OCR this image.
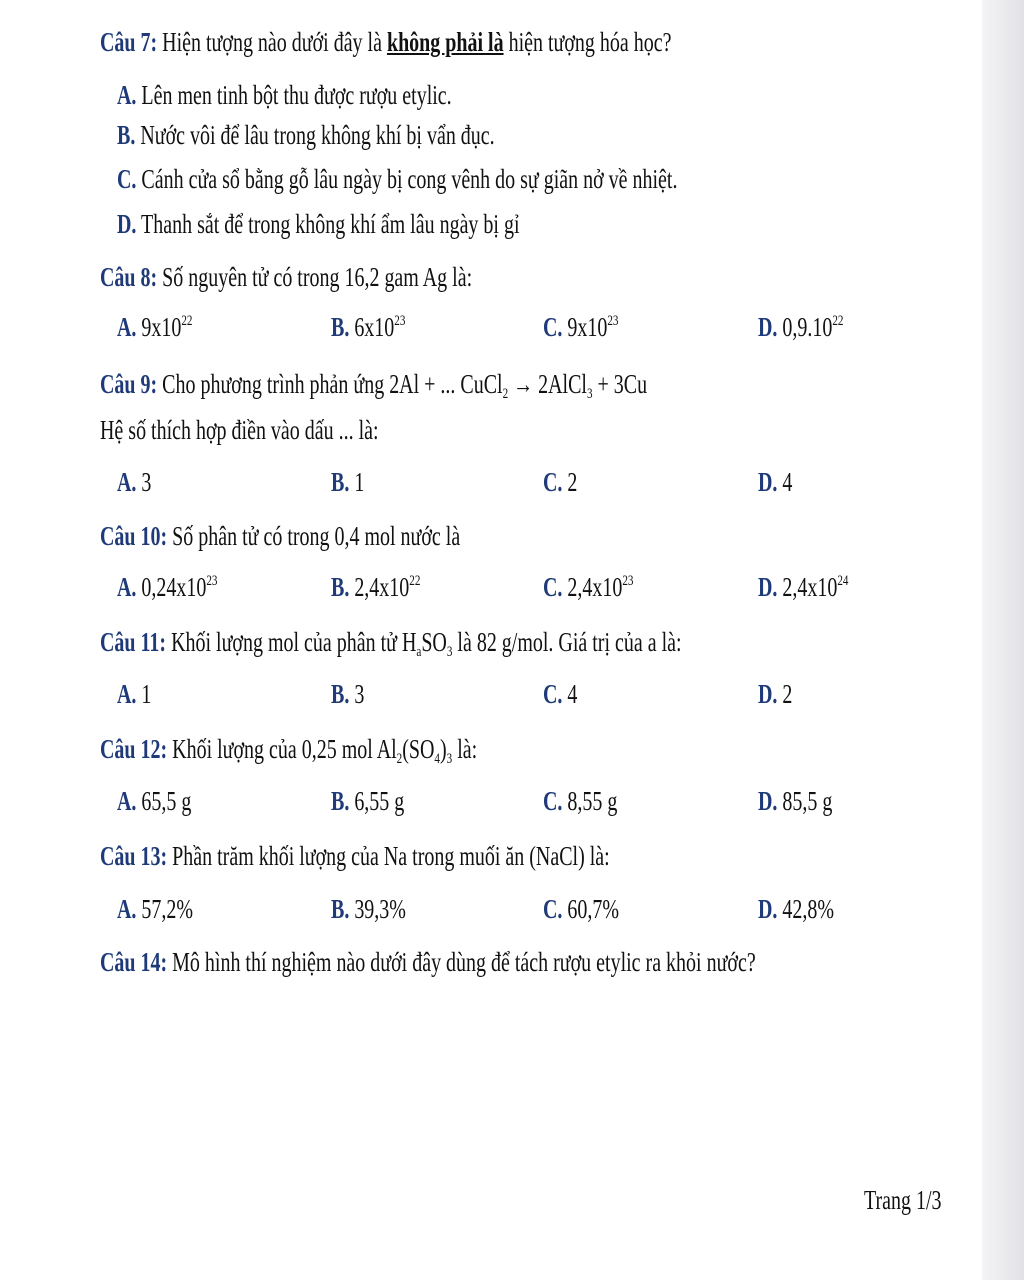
Câu 7: Hiện tượng nào dưới đây là không phải là hiện tượng hóa học?
A. Lên men tinh bột thu được rượu etylic.
B. Nước vôi để lâu trong không khí bị vẩn đục.
C. Cánh cửa sổ bằng gỗ lâu ngày bị cong vênh do sự giãn nở về nhiệt.
D. Thanh sắt để trong không khí ẩm lâu ngày bị gỉ
Câu 8: Số nguyên tử có trong 16,2 gam Ag là:
A. $9x10^{22}$	B. $6x10^{23}$	C. $9x10^{23}$	D. 0,9.10$^{22}$
Câu 9: Cho phương trình phản ứng 2Al + ... CuCl$_2$ → 2AlCl$_3$ + 3Cu
Hệ số thích hợp điền vào dấu ... là:
A. 3	B. 1	C. 2	D. 4
Câu 10: Số phân tử có trong 0,4 mol nước là
A. $0,24x10^{23}$	B. $2,4x10^{22}$	C. $2,4x10^{23}$	D. $2,4x10^{24}$
Câu 11: Khối lượng mol của phân tử $H_aSO_3$ là 82 g/mol. Giá trị của a là:
A. 1	B. 3	C. 4	D. 2
Câu 12: Khối lượng của 0,25 mol $Al_2(SO_4)_3$ là:
A. 65,5 g	B. 6,55 g	C. 8,55 g	D. 85,5 g
Câu 13: Phần trăm khối lượng của Na trong muối ăn (NaCl) là:
A. 57,2%	B. 39,3%	C. 60,7%	D. 42,8%
Câu 14: Mô hình thí nghiệm nào dưới đây dùng để tách rượu etylic ra khỏi nước?
Trang 1/3
